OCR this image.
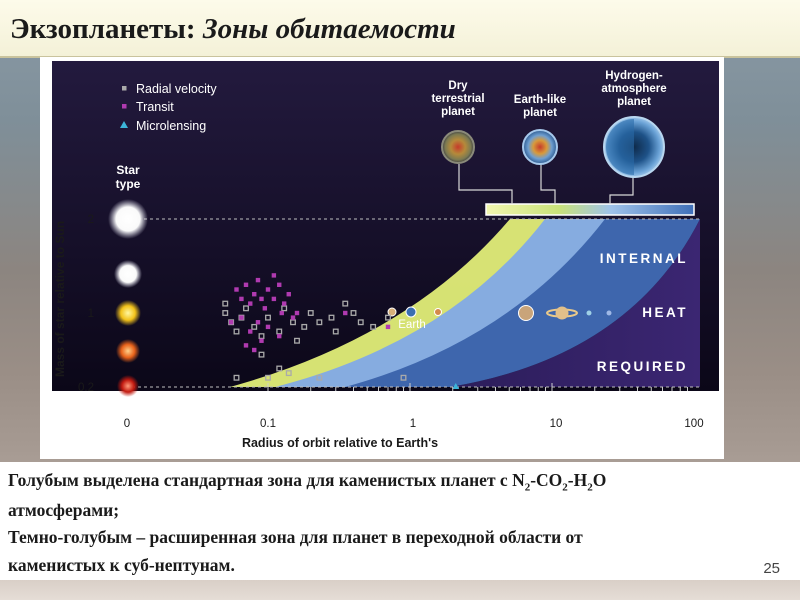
Экзопланеты: Зоны обитаемости
Dry
terrestrial
planet
Earth-like
planet
Hydrogen-
atmosphere
planet
Radial velocity
Transit
Microlensing
Star
type
INTERNAL
HEAT
REQUIRED
Earth
0	0.1	1	10	100
0.2
1
2
Radius of orbit relative to Earth's
Mass of star relative to Sun
Голубым выделена стандартная зона для каменистых планет с $N_2-CO_2-H_2O$
атмосферами;
Темно-голубым – расширенная зона для планет в переходной области от
каменистых к суб-нептунам.	25
